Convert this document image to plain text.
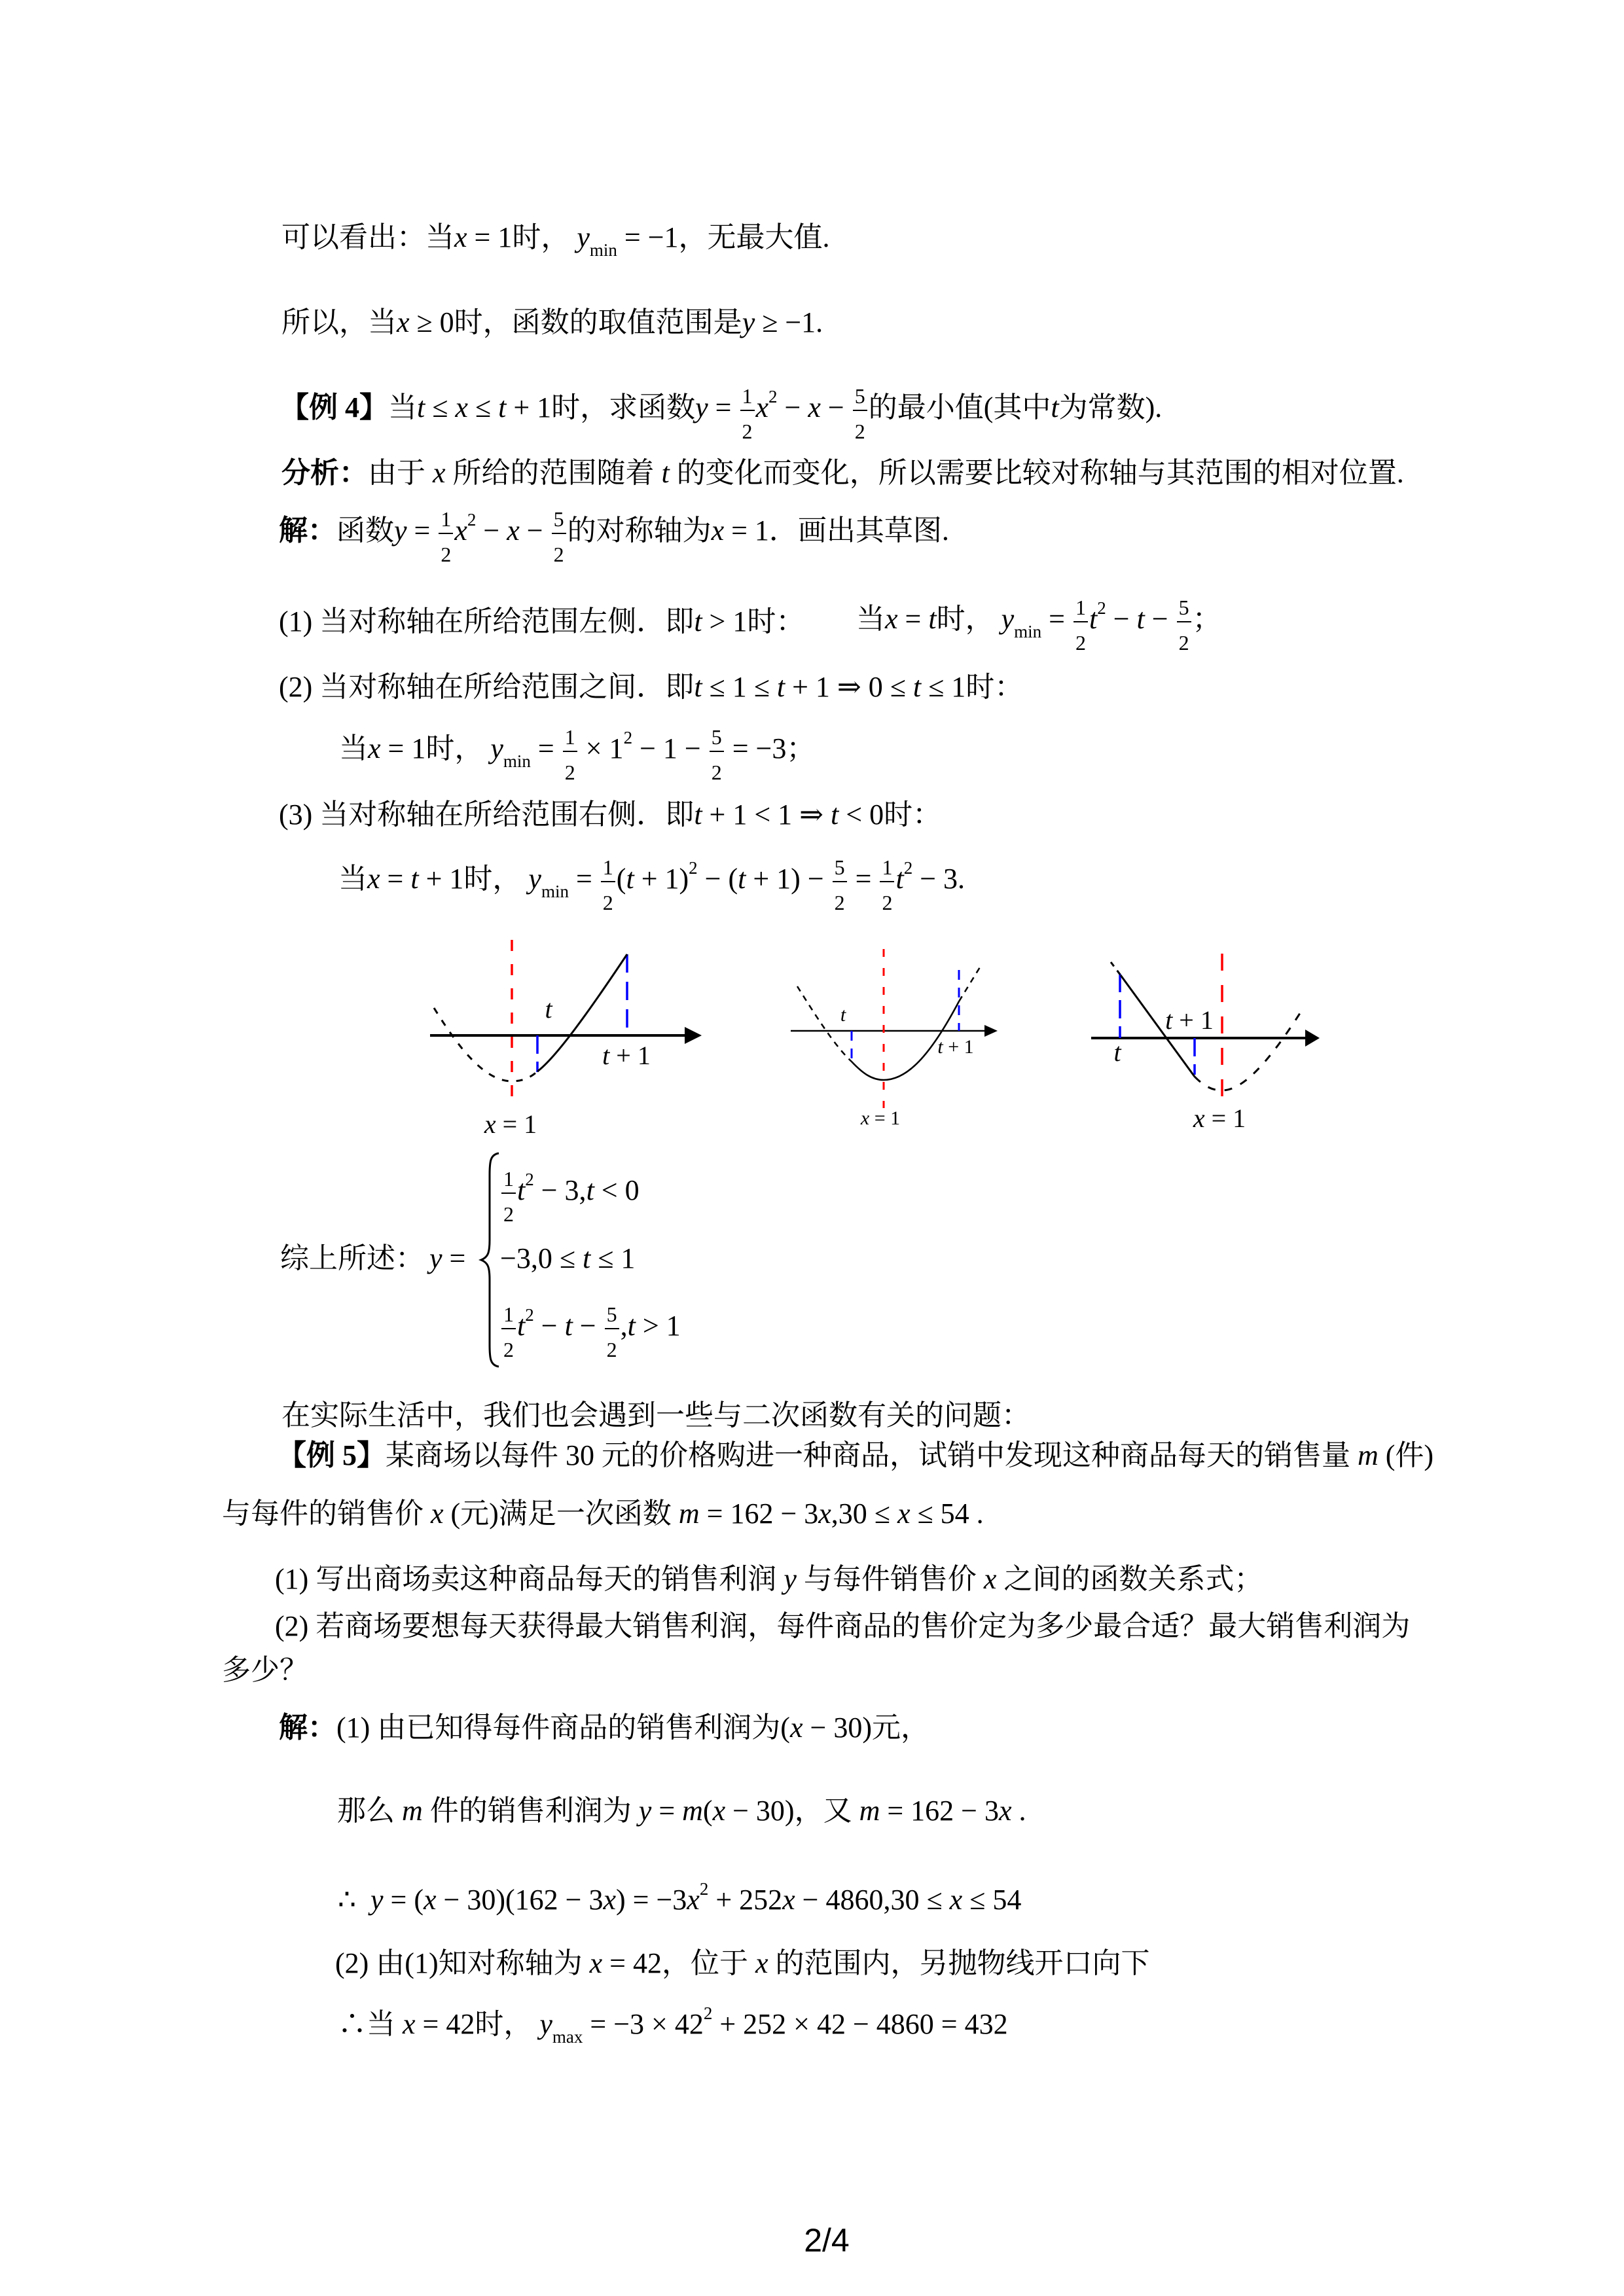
可以看出：当x = 1时， $y_{min} = -1$，无最大值.
所以，当x ≥ 0时，函数的取值范围是y ≥ −1.
【例 4】当t ≤ x ≤ t + 1时，求函数$y = \frac{1}{2} x^2 - x - \frac{5}{2}$ 的最小值(其中t为常数).
分析：由于 x 所给的范围随着 t 的变化而变化，所以需要比较对称轴与其范围的相对位置.
解：函数$y = \frac{1}{2} x^2 - x - \frac{5}{2}$ 的对称轴为x = 1．画出其草图.
(1) 当对称轴在所给范围左侧．即t > 1时： 当x = t时， $y_{min} = \frac{1}{2} t^2 - t - \frac{5}{2}$ ；
(2) 当对称轴在所给范围之间．即t ≤ 1 ≤ t + 1 ⇒ 0 ≤ t ≤ 1时：
当x = 1时， $y_{min} = \frac{1}{2} \times 1^2 - 1 - \frac{5}{2} = -3$；
(3) 当对称轴在所给范围右侧．即t + 1 < 1 ⇒ t < 0时：
当x = t + 1时， $y_{min} = \frac{1}{2} (t + 1)^2 - (t + 1) - \frac{5}{2} = \frac{1}{2} t^2 - 3$.
t
t + 1
x = 1
t
t + 1
x = 1
t
t + 1
x = 1
综上所述： y =
$\frac{1}{2} t^2 - 3,t < 0$
−3,0 ≤ t ≤ 1
$\frac{1}{2} t^2 - t - \frac{5}{2} ,t > 1$
在实际生活中，我们也会遇到一些与二次函数有关的问题：
【例 5】某商场以每件 30 元的价格购进一种商品，试销中发现这种商品每天的销售量 m (件)
与每件的销售价 x (元)满足一次函数 m = 162 − 3x,30 ≤ x ≤ 54 .
(1) 写出商场卖这种商品每天的销售利润 y 与每件销售价 x 之间的函数关系式；
(2) 若商场要想每天获得最大销售利润，每件商品的售价定为多少最合适？最大销售利润为
多少？
解：(1) 由已知得每件商品的销售利润为(x − 30)元，
那么 m 件的销售利润为 y = m(x − 30)，又 m = 162 − 3x .
∴  $y = (x - 30)(162 - 3x) = -3x^2 + 252x - 4860,30 \le x \le 54$
(2) 由(1)知对称轴为 x = 42，位于 x 的范围内，另抛物线开口向下
∴当 x = 42时， $y_{max} = -3 \times 42^2 + 252 \times 42 - 4860 = 432$
2/4
